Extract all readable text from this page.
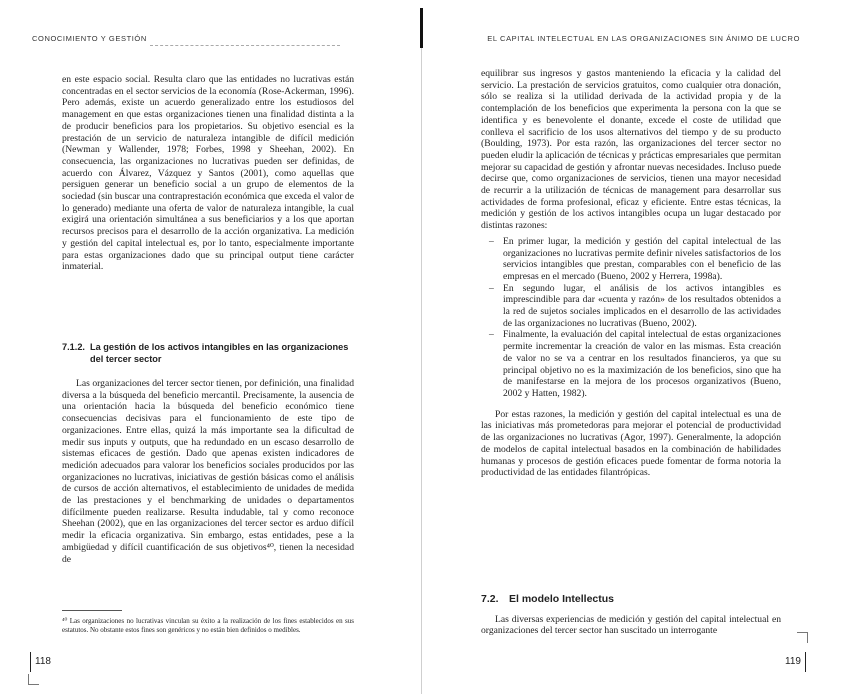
CONOCIMIENTO Y GESTIÓN

en este espacio social. Resulta claro que las entidades no lucrativas están concentradas en el sector servicios de la economía (Rose-Ackerman, 1996). Pero además, existe un acuerdo generalizado entre los estudiosos del management en que estas organizaciones tienen una finalidad distinta a la de producir beneficios para los propietarios. Su objetivo esencial es la prestación de un servicio de naturaleza intangible de difícil medición (Newman y Wallender, 1978; Forbes, 1998 y Sheehan, 2002). En consecuencia, las organizaciones no lucrativas pueden ser definidas, de acuerdo con Álvarez, Vázquez y Santos (2001), como aquellas que persiguen generar un beneficio social a un grupo de elementos de la sociedad (sin buscar una contraprestación económica que exceda el valor de lo generado) mediante una oferta de valor de naturaleza intangible, la cual exigirá una orientación simultánea a sus beneficiarios y a los que aportan recursos precisos para el desarrollo de la acción organizativa. La medición y gestión del capital intelectual es, por lo tanto, especialmente importante para estas organizaciones dado que su principal output tiene carácter inmaterial.

7.1.2. La gestión de los activos intangibles en las organizaciones
del tercer sector

Las organizaciones del tercer sector tienen, por definición, una finalidad diversa a la búsqueda del beneficio mercantil. Precisamente, la ausencia de una orientación hacia la búsqueda del beneficio económico tiene consecuencias decisivas para el funcionamiento de este tipo de organizaciones. Entre ellas, quizá la más importante sea la dificultad de medir sus inputs y outputs, que ha redundado en un escaso desarrollo de sistemas eficaces de gestión. Dado que apenas existen indicadores de medición adecuados para valorar los beneficios sociales producidos por las organizaciones no lucrativas, iniciativas de gestión básicas como el análisis de cursos de acción alternativos, el establecimiento de unidades de medida de las prestaciones y el benchmarking de unidades o departamentos difícilmente pueden realizarse. Resulta indudable, tal y como reconoce Sheehan (2002), que en las organizaciones del tercer sector es arduo difícil medir la eficacia organizativa. Sin embargo, estas entidades, pese a la ambigüedad y difícil cuantificación de sus objetivos⁴⁰, tienen la necesidad de

⁴⁰ Las organizaciones no lucrativas vinculan su éxito a la realización de los fines establecidos en sus estatutos. No obstante estos fines son genéricos y no están bien definidos o medibles.
118
EL CAPITAL INTELECTUAL EN LAS ORGANIZACIONES SIN ÁNIMO DE LUCRO

equilibrar sus ingresos y gastos manteniendo la eficacia y la calidad del servicio. La prestación de servicios gratuitos, como cualquier otra donación, sólo se realiza si la utilidad derivada de la actividad propia y de la contemplación de los beneficios que experimenta la persona con la que se identifica y es benevolente el donante, excede el coste de utilidad que conlleva el sacrificio de los usos alternativos del tiempo y de su producto (Boulding, 1973). Por esta razón, las organizaciones del tercer sector no pueden eludir la aplicación de técnicas y prácticas empresariales que permitan mejorar su capacidad de gestión y afrontar nuevas necesidades. Incluso puede decirse que, como organizaciones de servicios, tienen una mayor necesidad de recurrir a la utilización de técnicas de management para desarrollar sus actividades de forma profesional, eficaz y eficiente. Entre estas técnicas, la medición y gestión de los activos intangibles ocupa un lugar destacado por distintas razones:

– En primer lugar, la medición y gestión del capital intelectual de las organizaciones no lucrativas permite definir niveles satisfactorios de los servicios intangibles que prestan, comparables con el beneficio de las empresas en el mercado (Bueno, 2002 y Herrera, 1998a).
– En segundo lugar, el análisis de los activos intangibles es imprescindible para dar «cuenta y razón» de los resultados obtenidos a la red de sujetos sociales implicados en el desarrollo de las actividades de las organizaciones no lucrativas (Bueno, 2002).
– Finalmente, la evaluación del capital intelectual de estas organizaciones permite incrementar la creación de valor en las mismas. Esta creación de valor no se va a centrar en los resultados financieros, ya que su principal objetivo no es la maximización de los beneficios, sino que ha de manifestarse en la mejora de los procesos organizativos (Bueno, 2002 y Hatten, 1982).

Por estas razones, la medición y gestión del capital intelectual es una de las iniciativas más prometedoras para mejorar el potencial de productividad de las organizaciones no lucrativas (Agor, 1997). Generalmente, la adopción de modelos de capital intelectual basados en la combinación de habilidades humanas y procesos de gestión eficaces puede fomentar de forma notoria la productividad de las entidades filantrópicas.

7.2. El modelo Intellectus

Las diversas experiencias de medición y gestión del capital intelectual en organizaciones del tercer sector han suscitado un interrogante

119
